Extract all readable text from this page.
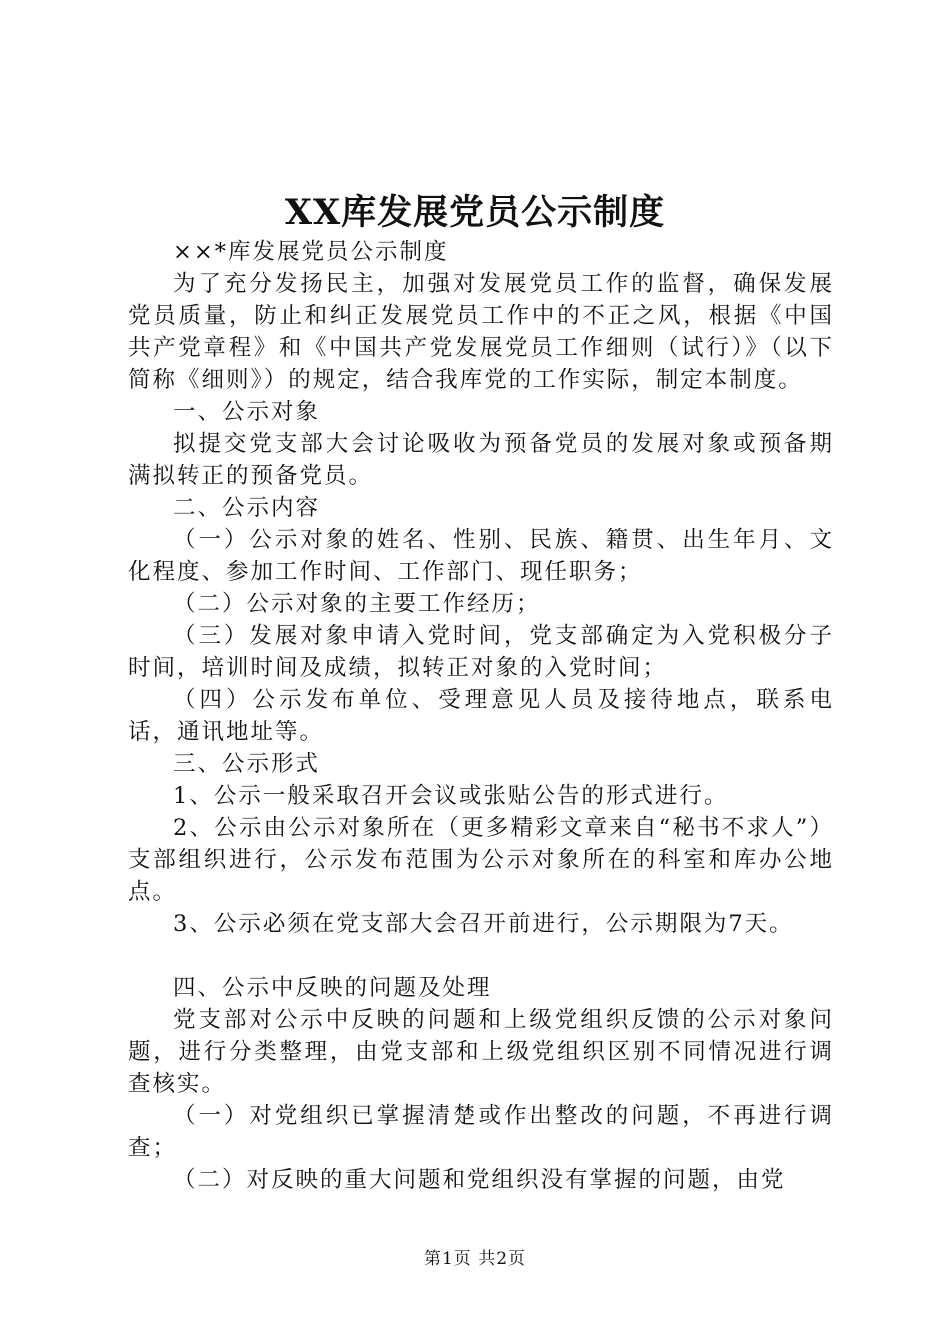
XX库发展党员公示制度

××*库发展党员公示制度

为了充分发扬民主，加强对发展党员工作的监督，确保发展党员质量，防止和纠正发展党员工作中的不正之风，根据《中国共产党章程》和《中国共产党发展党员工作细则（试行）》（以下简称《细则》）的规定，结合我库党的工作实际，制定本制度。

一、公示对象

拟提交党支部大会讨论吸收为预备党员的发展对象或预备期满拟转正的预备党员。

二、公示内容

（一）公示对象的姓名、性别、民族、籍贯、出生年月、文化程度、参加工作时间、工作部门、现任职务；

（二）公示对象的主要工作经历；

（三）发展对象申请入党时间，党支部确定为入党积极分子时间，培训时间及成绩，拟转正对象的入党时间；

（四）公示发布单位、受理意见人员及接待地点，联系电话，通讯地址等。

三、公示形式

1、公示一般采取召开会议或张贴公告的形式进行。

2、公示由公示对象所在（更多精彩文章来自“秘书不求人”）支部组织进行，公示发布范围为公示对象所在的科室和库办公地点。

3、公示必须在党支部大会召开前进行，公示期限为7天。

四、公示中反映的问题及处理

党支部对公示中反映的问题和上级党组织反馈的公示对象问题，进行分类整理，由党支部和上级党组织区别不同情况进行调查核实。

（一）对党组织已掌握清楚或作出整改的问题，不再进行调查；

（二）对反映的重大问题和党组织没有掌握的问题，由党

第1页 共2页
